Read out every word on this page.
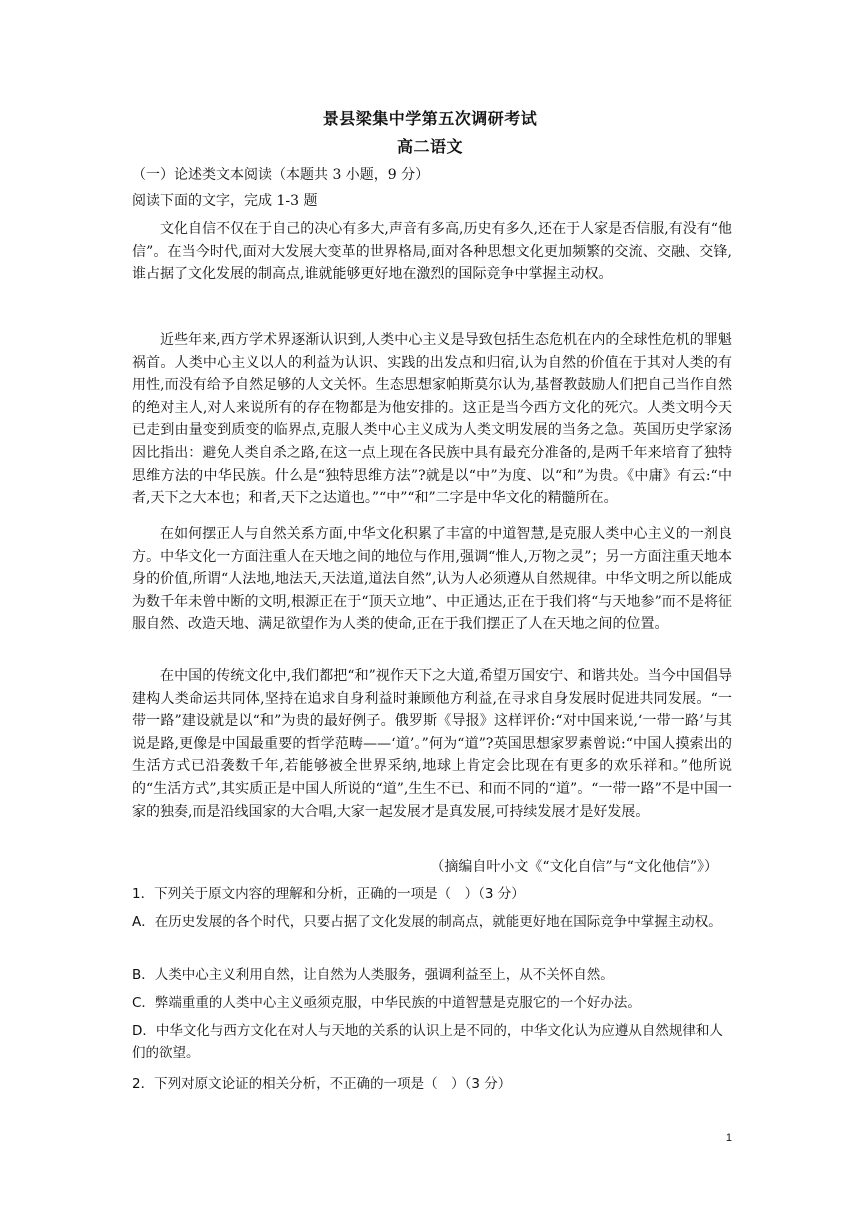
景县梁集中学第五次调研考试
高二语文
（一）论述类文本阅读（本题共 3 小题，9 分）
阅读下面的文字，完成 1-3 题

文化自信不仅在于自己的决心有多大,声音有多高,历史有多久,还在于人家是否信服,有没有“他信”。在当今时代,面对大发展大变革的世界格局,面对各种思想文化更加频繁的交流、交融、交锋,谁占据了文化发展的制高点,谁就能够更好地在激烈的国际竞争中掌握主动权。

近些年来,西方学术界逐渐认识到,人类中心主义是导致包括生态危机在内的全球性危机的罪魁祸首。人类中心主义以人的利益为认识、实践的出发点和归宿,认为自然的价值在于其对人类的有用性,而没有给予自然足够的人文关怀。生态思想家帕斯莫尔认为,基督教鼓励人们把自己当作自然的绝对主人,对人来说所有的存在物都是为他安排的。这正是当今西方文化的死穴。人类文明今天已走到由量变到质变的临界点,克服人类中心主义成为人类文明发展的当务之急。英国历史学家汤因比指出：避免人类自杀之路,在这一点上现在各民族中具有最充分准备的,是两千年来培育了独特思维方法的中华民族。什么是“独特思维方法”?就是以“中”为度、以“和”为贵。《中庸》有云:“中者,天下之大本也；和者,天下之达道也。”“中”“和”二字是中华文化的精髓所在。

在如何摆正人与自然关系方面,中华文化积累了丰富的中道智慧,是克服人类中心主义的一剂良方。中华文化一方面注重人在天地之间的地位与作用,强调“惟人,万物之灵”；另一方面注重天地本身的价值,所谓“人法地,地法天,天法道,道法自然”,认为人必须遵从自然规律。中华文明之所以能成为数千年未曾中断的文明,根源正在于“顶天立地”、中正通达,正在于我们将“与天地参”而不是将征服自然、改造天地、满足欲望作为人类的使命,正在于我们摆正了人在天地之间的位置。

在中国的传统文化中,我们都把“和”视作天下之大道,希望万国安宁、和谐共处。当今中国倡导建构人类命运共同体,坚持在追求自身利益时兼顾他方利益,在寻求自身发展时促进共同发展。“一带一路”建设就是以“和”为贵的最好例子。俄罗斯《导报》这样评价:“对中国来说,‘一带一路’与其说是路,更像是中国最重要的哲学范畴——‘道’。”何为“道”?英国思想家罗素曾说:“中国人摸索出的生活方式已沿袭数千年,若能够被全世界采纳,地球上肯定会比现在有更多的欢乐祥和。”他所说的“生活方式”,其实质正是中国人所说的“道”,生生不已、和而不同的“道”。“一带一路”不是中国一家的独奏,而是沿线国家的大合唱,大家一起发展才是真发展,可持续发展才是好发展。

（摘编自叶小文《“文化自信”与“文化他信”》）

1．下列关于原文内容的理解和分析，正确的一项是（　）（3 分）

A．在历史发展的各个时代，只要占据了文化发展的制高点，就能更好地在国际竞争中掌握主动权。

B．人类中心主义利用自然，让自然为人类服务，强调利益至上，从不关怀自然。

C．弊端重重的人类中心主义亟须克服，中华民族的中道智慧是克服它的一个好办法。

D．中华文化与西方文化在对人与天地的关系的认识上是不同的，中华文化认为应遵从自然规律和人们的欲望。

2．下列对原文论证的相关分析，不正确的一项是（　）（3 分）

1
